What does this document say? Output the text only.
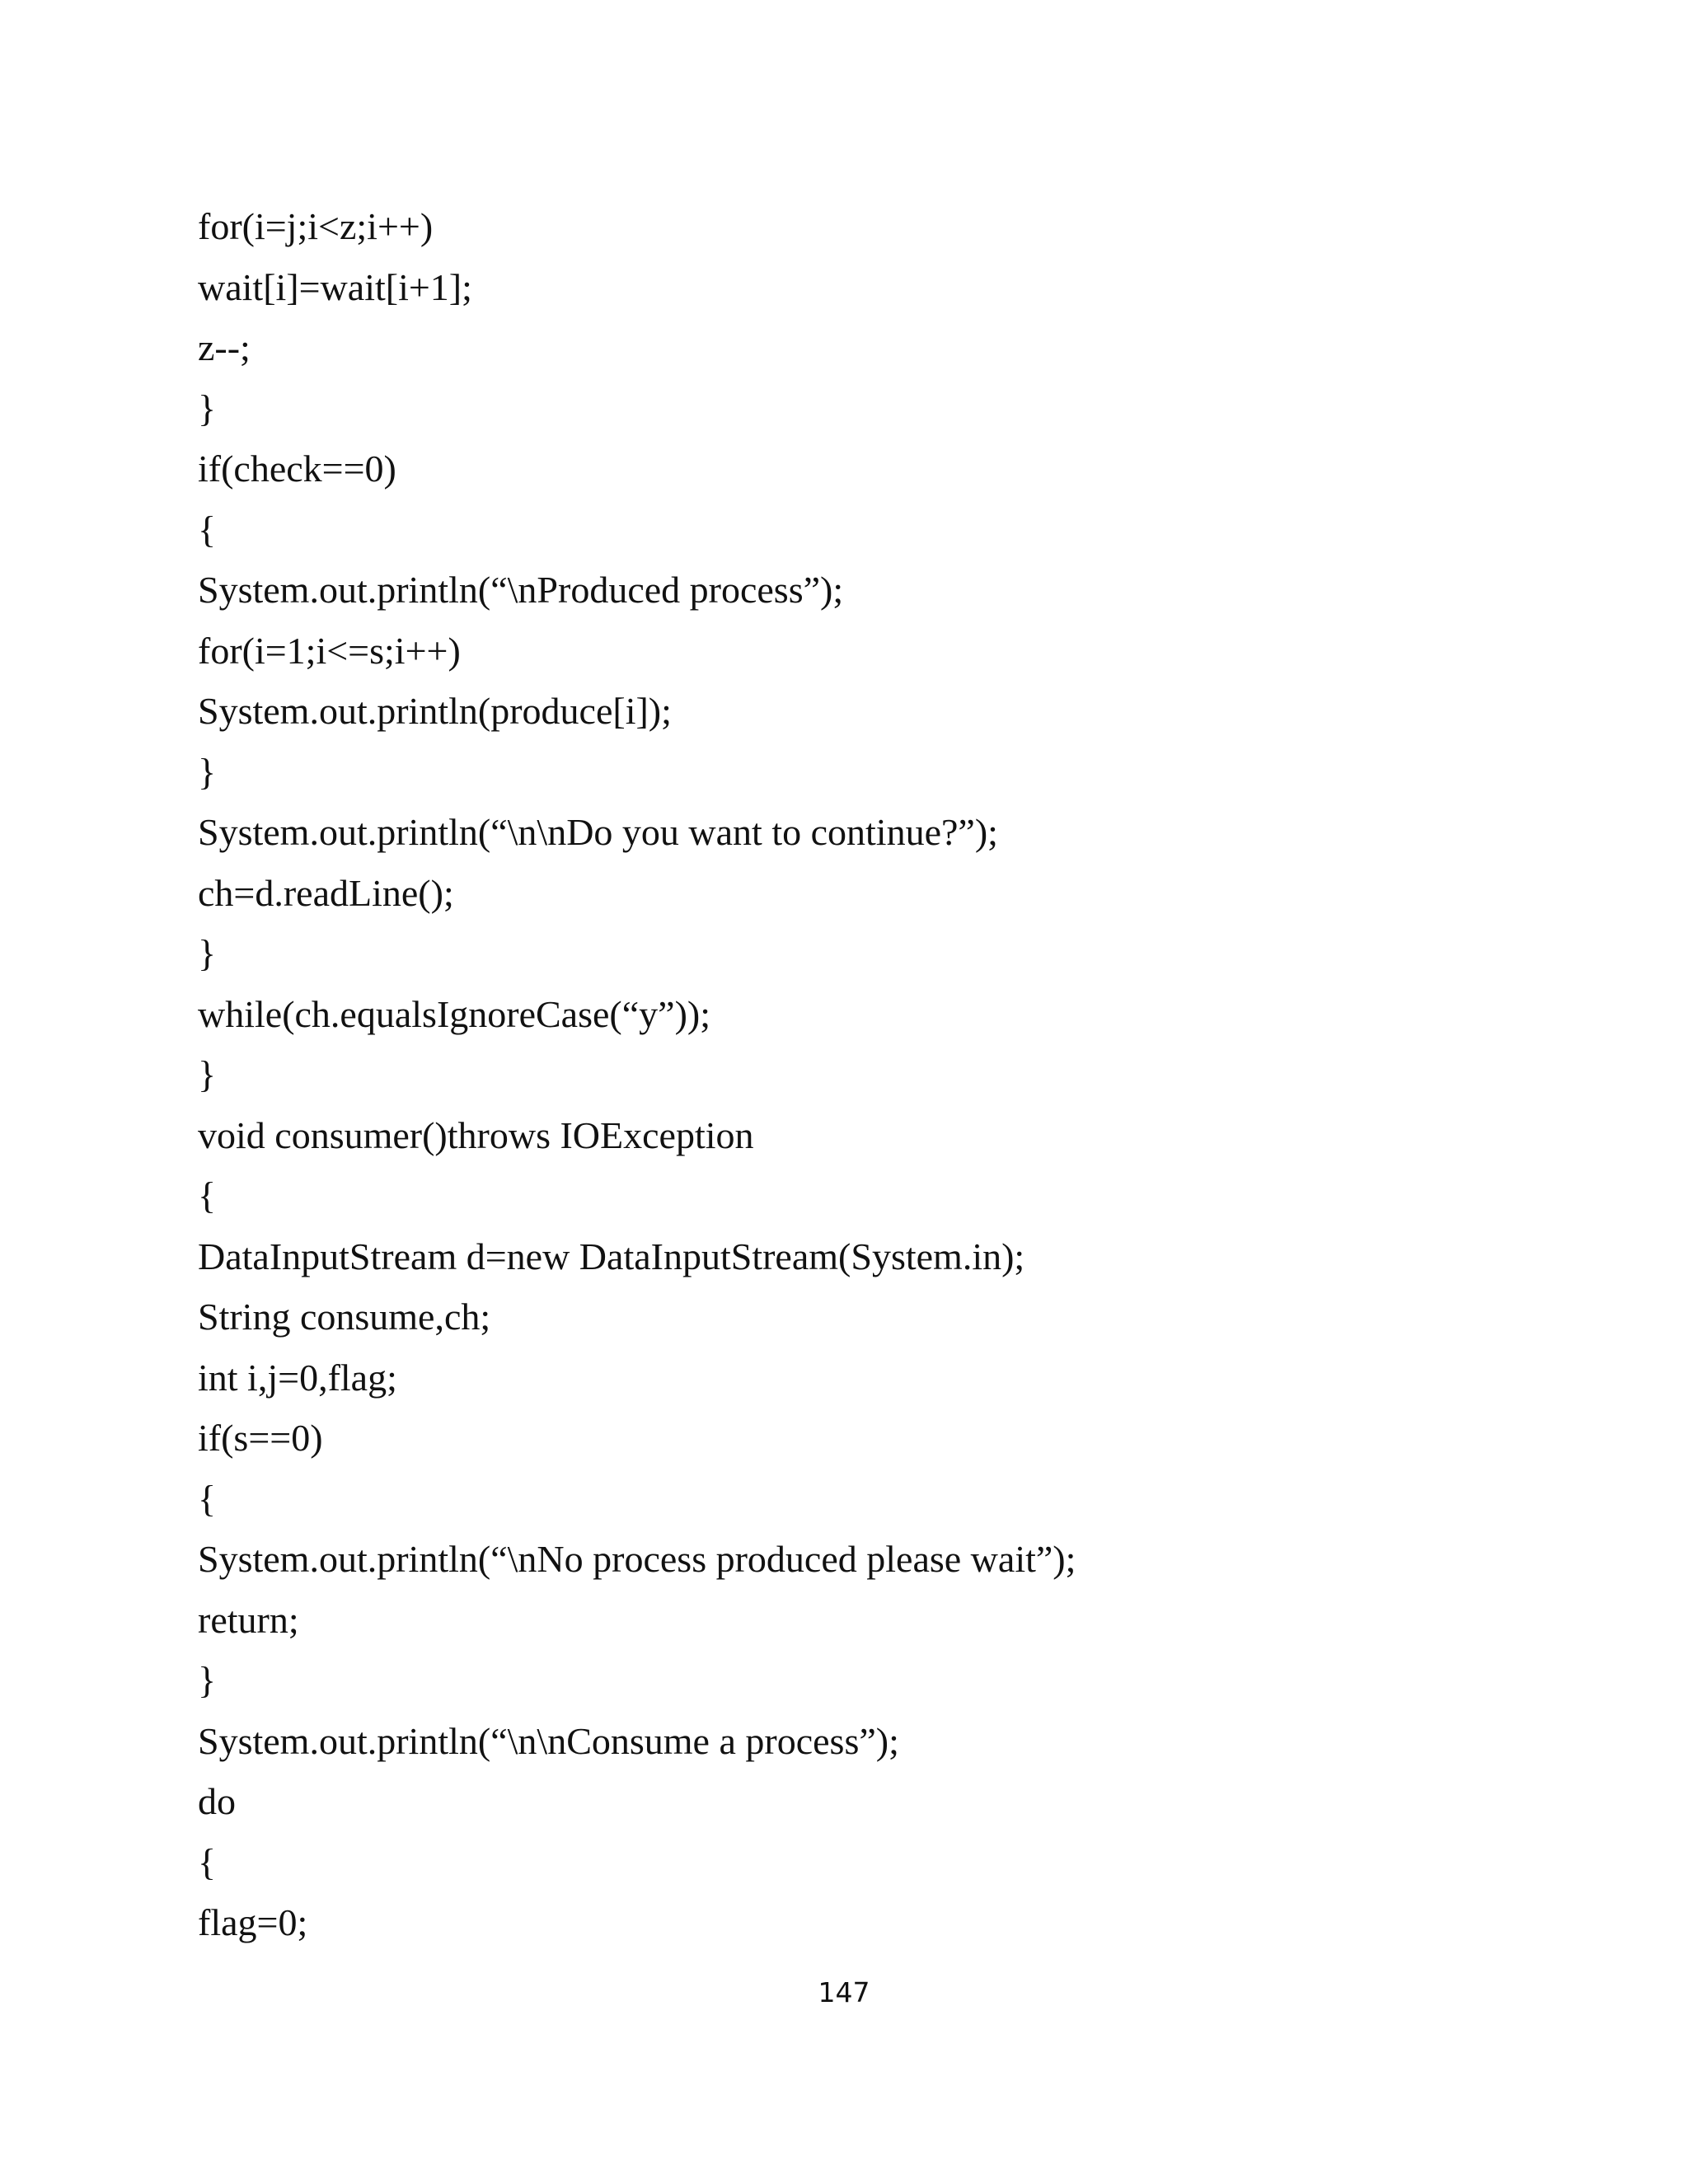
for(i=j;i<z;i++)
wait[i]=wait[i+1];
z--;
}
if(check==0)
{
System.out.println(“\nProduced process”);
for(i=1;i<=s;i++)
System.out.println(produce[i]);
}
System.out.println(“\n\nDo you want to continue?”);
ch=d.readLine();
}
while(ch.equalsIgnoreCase(“y”));
}
void consumer()throws IOException
{
DataInputStream d=new DataInputStream(System.in);
String consume,ch;
int i,j=0,flag;
if(s==0)
{
System.out.println(“\nNo process produced please wait”);
return;
}
System.out.println(“\n\nConsume a process”);
do
{
flag=0;
147
